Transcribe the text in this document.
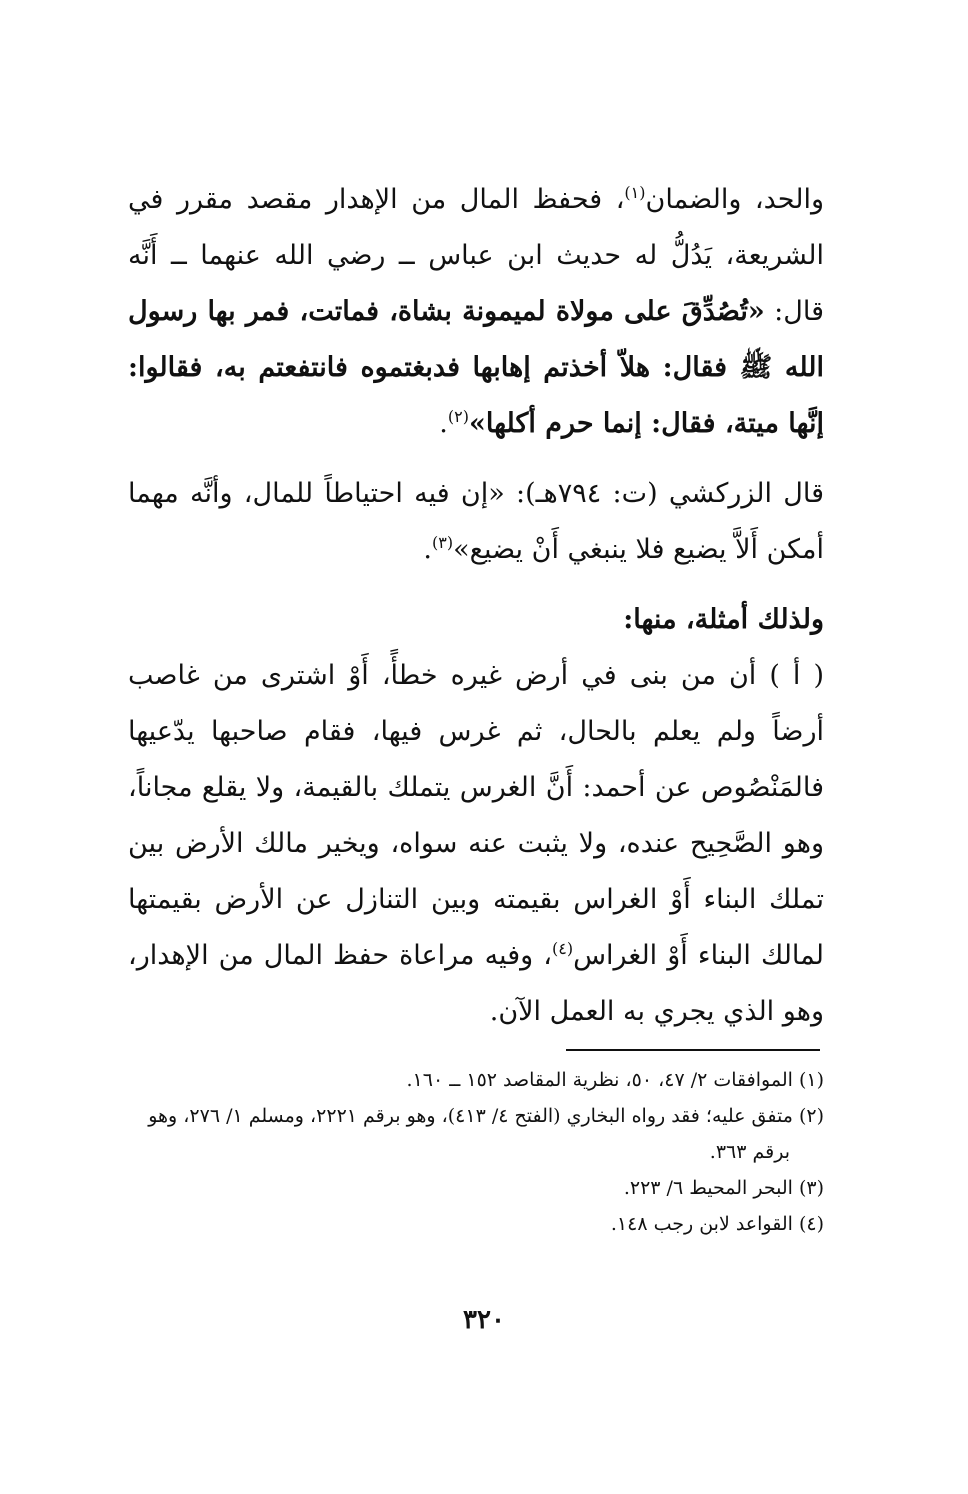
والحد، والضمان$^{(١)}$، فحفظ المال من الإهدار مقصد مقرر في الشريعة، يَدُلُّ له حديث ابن عباس ــ رضي الله عنهما ــ أَنَّه قال: «تُصُدِّقَ على مولاة لميمونة بشاة، فماتت، فمر بها رسول الله ﷺ فقال: هلاّ أخذتم إهابها فدبغتموه فانتفعتم به، فقالوا: إنَّها ميتة، فقال: إنما حرم أكلها»$^{(٢)}$.

قال الزركشي (ت: ٧٩٤هـ): «إن فيه احتياطاً للمال، وأنَّه مهما أمكن أَلاَّ يضيع فلا ينبغي أَنْ يضيع»$^{(٣)}$.

ولذلك أمثلة، منها:

( أ ) أن من بنى في أرض غيره خطأً، أَوْ اشترى من غاصب أرضاً ولم يعلم بالحال، ثم غرس فيها، فقام صاحبها يدّعيها فالمَنْصُوص عن أحمد: أَنَّ الغرس يتملك بالقيمة، ولا يقلع مجاناً، وهو الصَّحِيح عنده، ولا يثبت عنه سواه، ويخير مالك الأرض بين تملك البناء أَوْ الغراس بقيمته وبين التنازل عن الأرض بقيمتها لمالك البناء أَوْ الغراس$^{(٤)}$، وفيه مراعاة حفظ المال من الإهدار، وهو الذي يجري به العمل الآن.

(١) الموافقات ٢/ ٤٧، ٥٠، نظرية المقاصد ١٥٢ ــ ١٦٠.

(٢) متفق عليه؛ فقد رواه البخاري (الفتح ٤/ ٤١٣)، وهو برقم ٢٢٢١، ومسلم ١/ ٢٧٦، وهو برقم ٣٦٣.

(٣) البحر المحيط ٦/ ٢٢٣.

(٤) القواعد لابن رجب ١٤٨.

٣٢٠
